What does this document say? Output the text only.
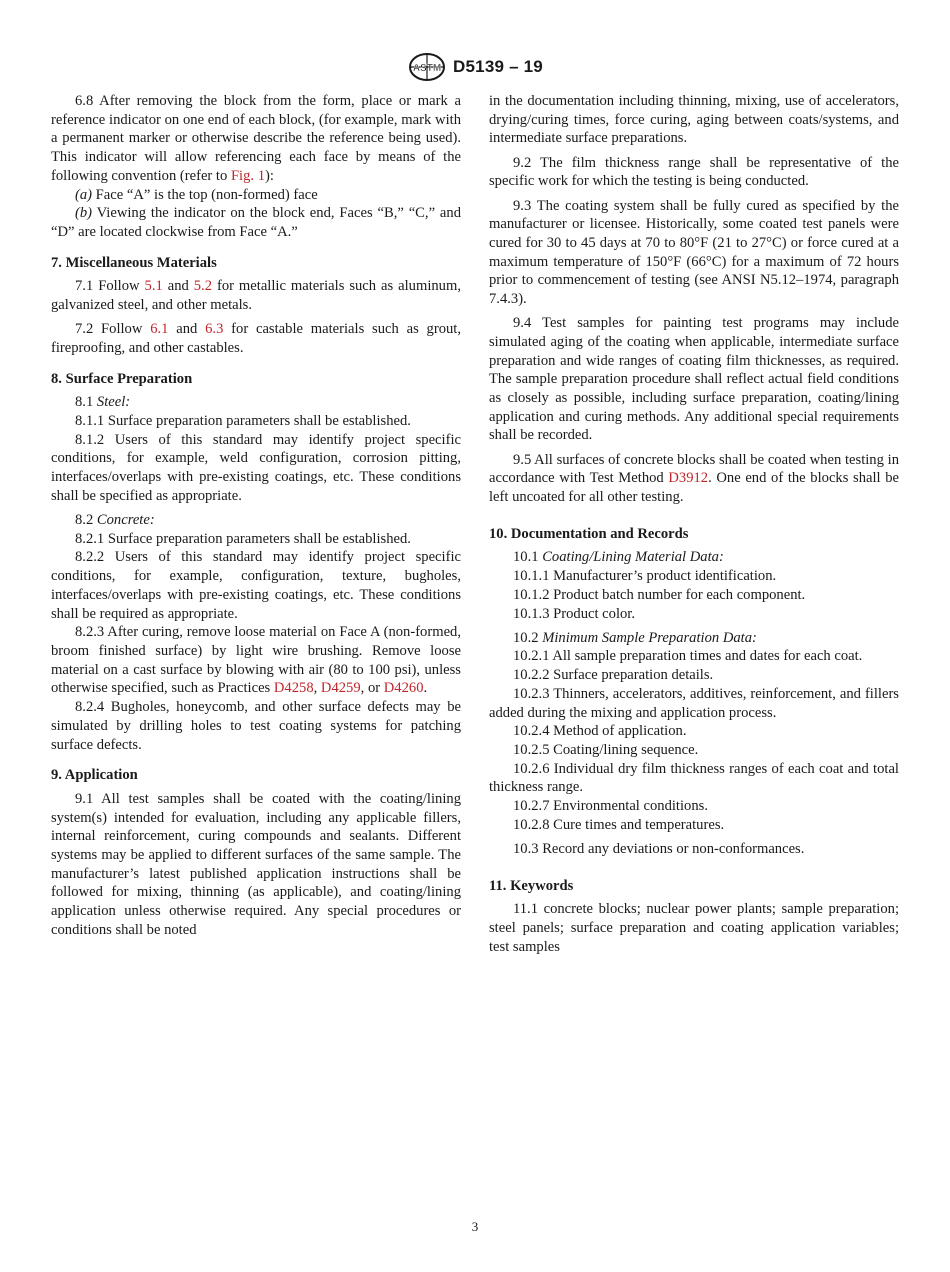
ASTM D5139 – 19

6.8 After removing the block from the form, place or mark a reference indicator on one end of each block, (for example, mark with a permanent marker or otherwise describe the reference being used). This indicator will allow referencing each face by means of the following convention (refer to Fig. 1):

(a) Face “A” is the top (non-formed) face

(b) Viewing the indicator on the block end, Faces “B,” “C,” and “D” are located clockwise from Face “A.”

7. Miscellaneous Materials

7.1 Follow 5.1 and 5.2 for metallic materials such as aluminum, galvanized steel, and other metals.

7.2 Follow 6.1 and 6.3 for castable materials such as grout, fireproofing, and other castables.

8. Surface Preparation

8.1 Steel:

8.1.1 Surface preparation parameters shall be established.

8.1.2 Users of this standard may identify project specific conditions, for example, weld configuration, corrosion pitting, interfaces/overlaps with pre-existing coatings, etc. These conditions shall be specified as appropriate.

8.2 Concrete:

8.2.1 Surface preparation parameters shall be established.

8.2.2 Users of this standard may identify project specific conditions, for example, configuration, texture, bugholes, interfaces/overlaps with pre-existing coatings, etc. These conditions shall be required as appropriate.

8.2.3 After curing, remove loose material on Face A (non-formed, broom finished surface) by light wire brushing. Remove loose material on a cast surface by blowing with air (80 to 100 psi), unless otherwise specified, such as Practices D4258, D4259, or D4260.

8.2.4 Bugholes, honeycomb, and other surface defects may be simulated by drilling holes to test coating systems for patching surface defects.

9. Application

9.1 All test samples shall be coated with the coating/lining system(s) intended for evaluation, including any applicable fillers, internal reinforcement, curing compounds and sealants. Different systems may be applied to different surfaces of the same sample. The manufacturer’s latest published application instructions shall be followed for mixing, thinning (as applicable), and coating/lining application unless otherwise required. Any special procedures or conditions shall be noted

in the documentation including thinning, mixing, use of accelerators, drying/curing times, force curing, aging between coats/systems, and intermediate surface preparations.

9.2 The film thickness range shall be representative of the specific work for which the testing is being conducted.

9.3 The coating system shall be fully cured as specified by the manufacturer or licensee. Historically, some coated test panels were cured for 30 to 45 days at 70 to 80°F (21 to 27°C) or force cured at a maximum temperature of 150°F (66°C) for a maximum of 72 hours prior to commencement of testing (see ANSI N5.12–1974, paragraph 7.4.3).

9.4 Test samples for painting test programs may include simulated aging of the coating when applicable, intermediate surface preparation and wide ranges of coating film thicknesses, as required. The sample preparation procedure shall reflect actual field conditions as closely as possible, including surface preparation, coating/lining application and curing methods. Any additional special requirements shall be recorded.

9.5 All surfaces of concrete blocks shall be coated when testing in accordance with Test Method D3912. One end of the blocks shall be left uncoated for all other testing.

10. Documentation and Records

10.1 Coating/Lining Material Data:

10.1.1 Manufacturer’s product identification.

10.1.2 Product batch number for each component.

10.1.3 Product color.

10.2 Minimum Sample Preparation Data:

10.2.1 All sample preparation times and dates for each coat.

10.2.2 Surface preparation details.

10.2.3 Thinners, accelerators, additives, reinforcement, and fillers added during the mixing and application process.

10.2.4 Method of application.

10.2.5 Coating/lining sequence.

10.2.6 Individual dry film thickness ranges of each coat and total thickness range.

10.2.7 Environmental conditions.

10.2.8 Cure times and temperatures.

10.3 Record any deviations or non-conformances.

11. Keywords

11.1 concrete blocks; nuclear power plants; sample preparation; steel panels; surface preparation and coating application variables; test samples

3
